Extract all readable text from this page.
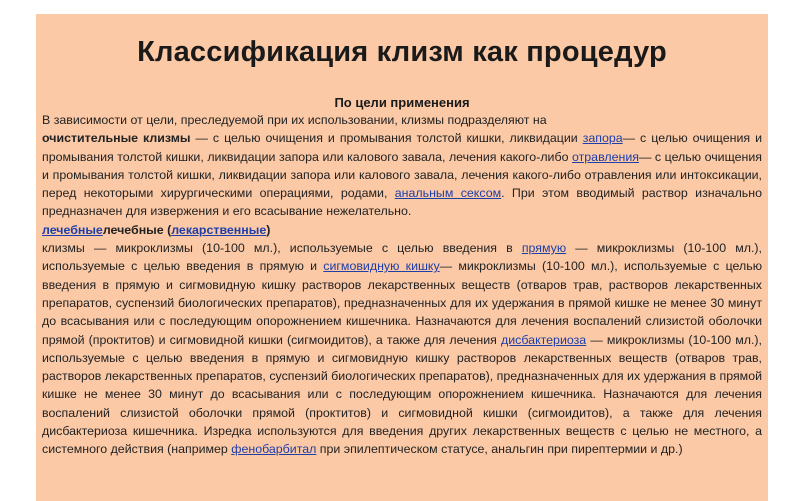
Классификация клизм как процедур
По цели применения

В зависимости от цели, преследуемой при их использовании, клизмы подразделяют на

очистительные клизмы — с целью очищения и промывания толстой кишки, ликвидации запора— с целью очищения и промывания толстой кишки, ликвидации запора или калового завала, лечения какого-либо отравления— с целью очищения и промывания толстой кишки, ликвидации запора или калового завала, лечения какого-либо отравления или интоксикации, перед некоторыми хирургическими операциями, родами, анальным сексом. При этом вводимый раствор изначально предназначен для извержения и его всасывание нежелательно.

лечебныелечебные (лекарственные)

клизмы — микроклизмы (10-100 мл.), используемые с целью введения в прямую — микроклизмы (10-100 мл.), используемые с целью введения в прямую и сигмовидную кишку— микроклизмы (10-100 мл.), используемые с целью введения в прямую и сигмовидную кишку растворов лекарственных веществ (отваров трав, растворов лекарственных препаратов, суспензий биологических препаратов), предназначенных для их удержания в прямой кишке не менее 30 минут до всасывания или с последующим опорожнением кишечника. Назначаются для лечения воспалений слизистой оболочки прямой (проктитов) и сигмовидной кишки (сигмоидитов), а также для лечения дисбактериоза — микроклизмы (10-100 мл.), используемые с целью введения в прямую и сигмовидную кишку растворов лекарственных веществ (отваров трав, растворов лекарственных препаратов, суспензий биологических препаратов), предназначенных для их удержания в прямой кишке не менее 30 минут до всасывания или с последующим опорожнением кишечника. Назначаются для лечения воспалений слизистой оболочки прямой (проктитов) и сигмовидной кишки (сигмоидитов), а также для лечения дисбактериоза кишечника. Изредка используются для введения других лекарственных веществ с целью не местного, а системного действия (например фенобарбитал при эпилептическом статусе, анальгин при пирептермии и др.)
